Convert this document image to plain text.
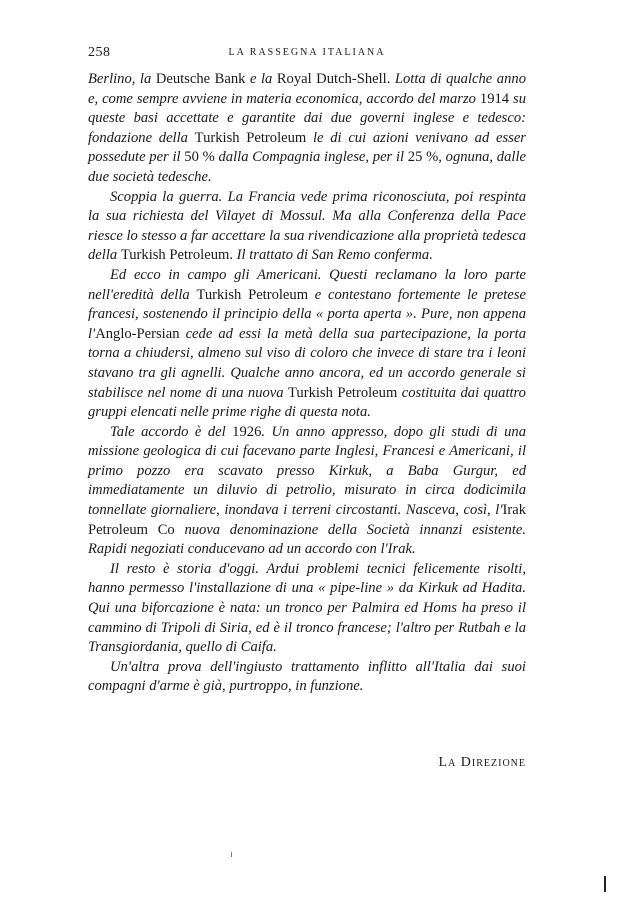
258	LA RASSEGNA ITALIANA

Berlino, la Deutsche Bank e la Royal Dutch-Shell. Lotta di qualche anno e, come sempre avviene in materia economica, accordo del marzo 1914 su queste basi accettate e garantite dai due governi inglese e tedesco: fondazione della Turkish Petroleum le di cui azioni venivano ad esser possedute per il 50 % dalla Compagnia inglese, per il 25 %, ognuna, dalle due società tedesche.

Scoppia la guerra. La Francia vede prima riconosciuta, poi respinta la sua richiesta del Vilayet di Mossul. Ma alla Conferenza della Pace riesce lo stesso a far accettare la sua rivendicazione alla proprietà tedesca della Turkish Petroleum. Il trattato di San Remo conferma.

Ed ecco in campo gli Americani. Questi reclamano la loro parte nell'eredità della Turkish Petroleum e contestano fortemente le pretese francesi, sostenendo il principio della « porta aperta ». Pure, non appena l'Anglo-Persian cede ad essi la metà della sua partecipazione, la porta torna a chiudersi, almeno sul viso di coloro che invece di stare tra i leoni stavano tra gli agnelli. Qualche anno ancora, ed un accordo generale si stabilisce nel nome di una nuova Turkish Petroleum costituita dai quattro gruppi elencati nelle prime righe di questa nota.

Tale accordo è del 1926. Un anno appresso, dopo gli studi di una missione geologica di cui facevano parte Inglesi, Francesi e Americani, il primo pozzo era scavato presso Kirkuk, a Baba Gurgur, ed immediatamente un diluvio di petrolio, misurato in circa dodicimila tonnellate giornaliere, inondava i terreni circostanti. Nasceva, così, l'Irak Petroleum Co nuova denominazione della Società innanzi esistente. Rapidi negoziati conducevano ad un accordo con l'Irak.

Il resto è storia d'oggi. Ardui problemi tecnici felicemente risolti, hanno permesso l'installazione di una « pipe-line » da Kirkuk ad Hadita. Qui una biforcazione è nata: un tronco per Palmira ed Homs ha preso il cammino di Tripoli di Siria, ed è il tronco francese; l'altro per Rutbah e la Transgiordania, quello di Caifa.

Un'altra prova dell'ingiusto trattamento inflitto all'Italia dai suoi compagni d'arme è già, purtroppo, in funzione.

La Direzione
